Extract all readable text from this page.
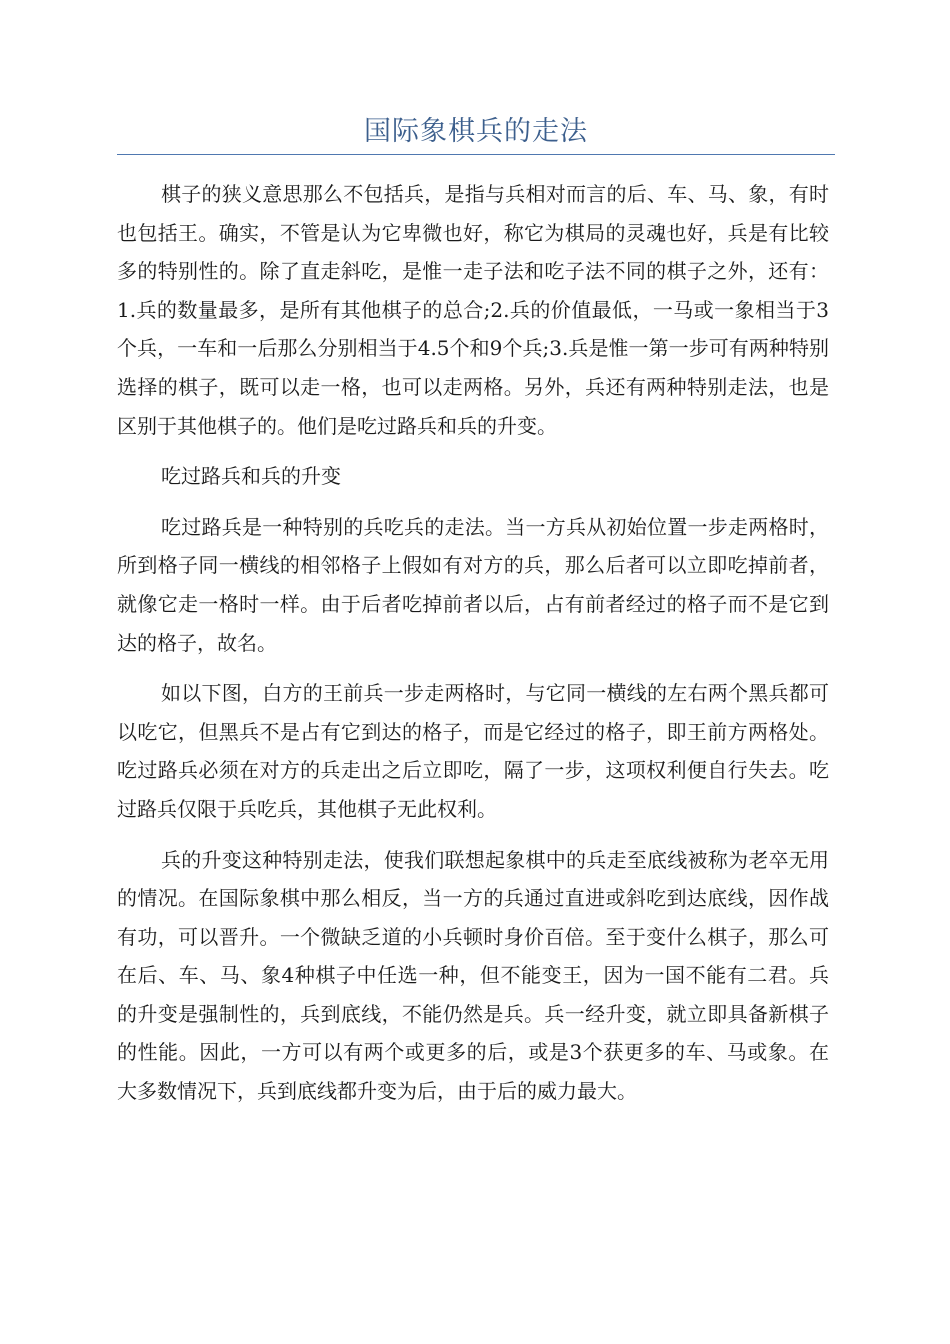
国际象棋兵的走法

棋子的狭义意思那么不包括兵，是指与兵相对而言的后、车、马、象，有时也包括王。确实，不管是认为它卑微也好，称它为棋局的灵魂也好，兵是有比较多的特别性的。除了直走斜吃，是惟一走子法和吃子法不同的棋子之外，还有：1.兵的数量最多，是所有其他棋子的总合;2.兵的价值最低，一马或一象相当于3个兵，一车和一后那么分别相当于4.5个和9个兵;3.兵是惟一第一步可有两种特别选择的棋子，既可以走一格，也可以走两格。另外，兵还有两种特别走法，也是区别于其他棋子的。他们是吃过路兵和兵的升变。

吃过路兵和兵的升变

吃过路兵是一种特别的兵吃兵的走法。当一方兵从初始位置一步走两格时，所到格子同一横线的相邻格子上假如有对方的兵，那么后者可以立即吃掉前者，就像它走一格时一样。由于后者吃掉前者以后，占有前者经过的格子而不是它到达的格子，故名。

如以下图，白方的王前兵一步走两格时，与它同一横线的左右两个黑兵都可以吃它，但黑兵不是占有它到达的格子，而是它经过的格子，即王前方两格处。吃过路兵必须在对方的兵走出之后立即吃，隔了一步，这项权利便自行失去。吃过路兵仅限于兵吃兵，其他棋子无此权利。

兵的升变这种特别走法，使我们联想起象棋中的兵走至底线被称为老卒无用的情况。在国际象棋中那么相反，当一方的兵通过直进或斜吃到达底线，因作战有功，可以晋升。一个微缺乏道的小兵顿时身价百倍。至于变什么棋子，那么可在后、车、马、象4种棋子中任选一种，但不能变王，因为一国不能有二君。兵的升变是强制性的，兵到底线，不能仍然是兵。兵一经升变，就立即具备新棋子的性能。因此，一方可以有两个或更多的后，或是3个获更多的车、马或象。在大多数情况下，兵到底线都升变为后，由于后的威力最大。
